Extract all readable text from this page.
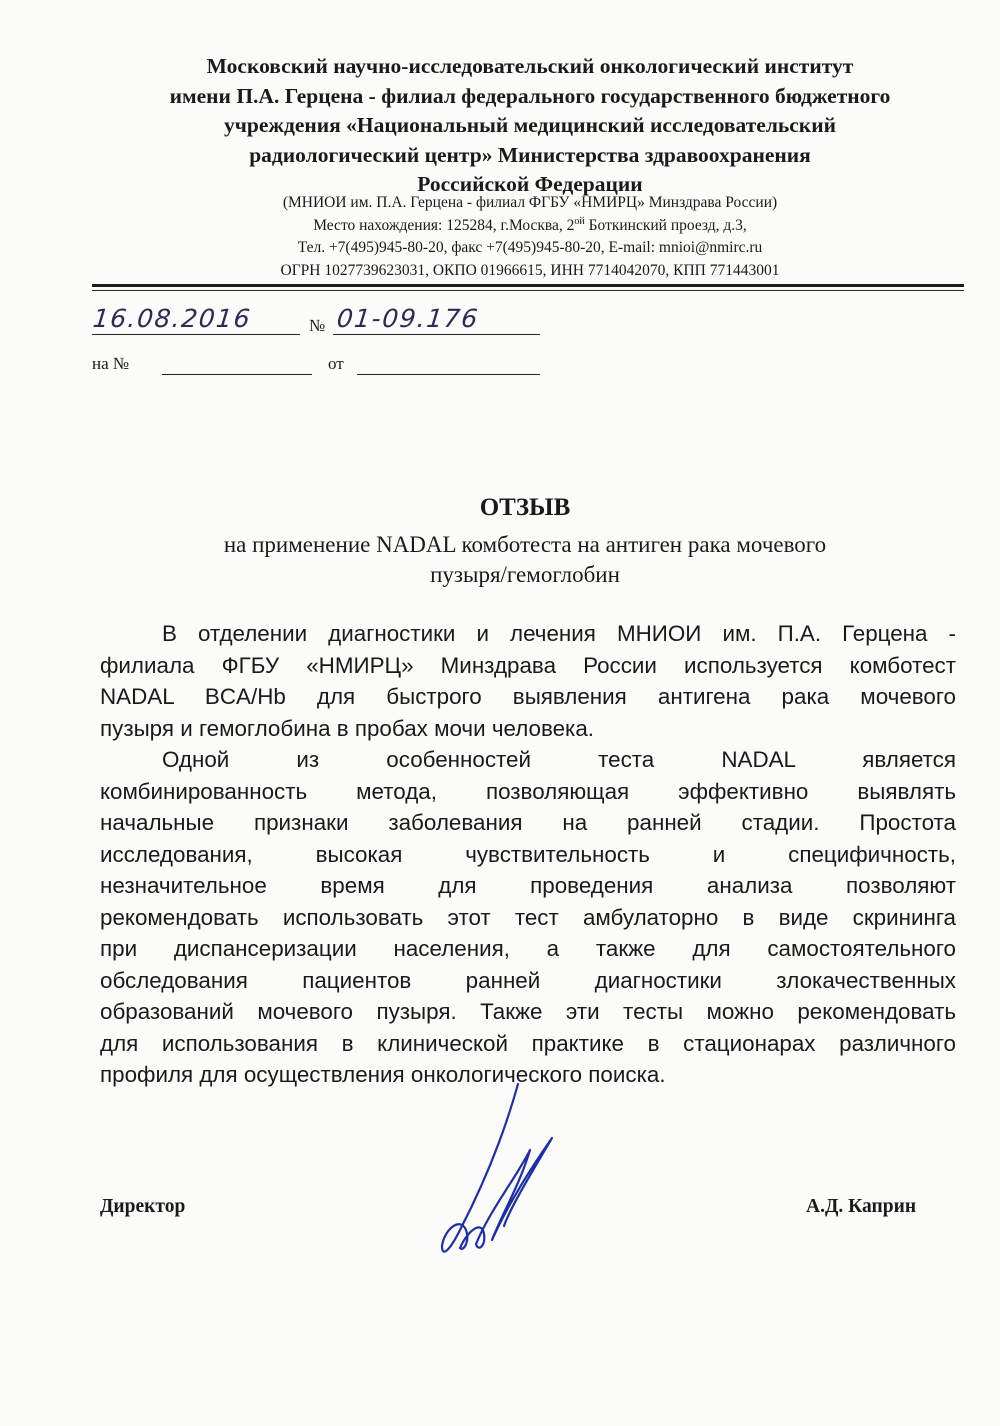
Московский научно-исследовательский онкологический институт
имени П.А. Герцена - филиал федерального государственного бюджетного
учреждения «Национальный медицинский исследовательский
радиологический центр» Министерства здравоохранения
Российской Федерации
(МНИОИ им. П.А. Герцена - филиал ФГБУ «НМИРЦ» Минздрава России)
Место нахождения: 125284, г.Москва, $2^{ой}$ Боткинский проезд, д.3,
Тел. +7(495)945-80-20, факс +7(495)945-80-20, E-mail: mnioi@nmirc.ru
ОГРН 1027739623031, ОКПО 01966615, ИНН 7714042070, КПП 771443001
16.08.2016	№ 01-09.176
на №	от
ОТЗЫВ
на применение NADAL комботеста на антиген рака мочевого
пузыря/гемоглобин
В отделении диагностики и лечения МНИОИ им. П.А. Герцена -
филиала ФГБУ «НМИРЦ» Минздрава России используется комботест
NADAL BCA/Hb для быстрого выявления антигена рака мочевого
пузыря и гемоглобина в пробах мочи человека.
Одной из особенностей теста NADAL является
комбинированность метода, позволяющая эффективно выявлять
начальные признаки заболевания на ранней стадии. Простота
исследования, высокая чувствительность и специфичность,
незначительное время для проведения анализа позволяют
рекомендовать использовать этот тест амбулаторно в виде скрининга
при диспансеризации населения, а также для самостоятельного
обследования пациентов ранней диагностики злокачественных
образований мочевого пузыря. Также эти тесты можно рекомендовать
для использования в клинической практике в стационарах различного
профиля для осуществления онкологического поиска.
Директор	А.Д. Каприн
